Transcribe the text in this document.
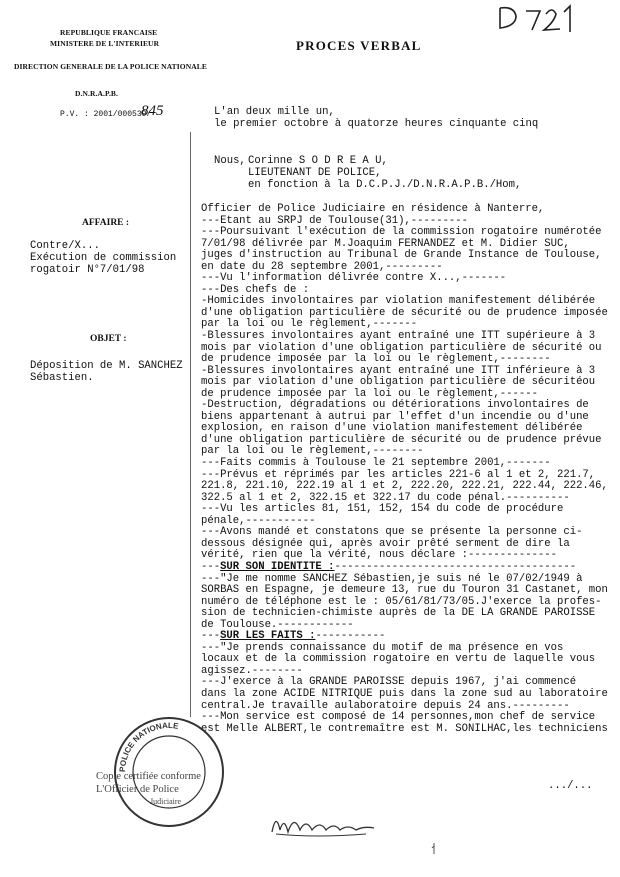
REPUBLIQUE FRANCAISE
MINISTERE DE L'INTERIEUR
DIRECTION GENERALE DE LA POLICE NATIONALE
D.N.R.A.P.B.
P.V. : 2001/000539/
845
PROCES VERBAL
L'an deux mille un,
le premier octobre à quatorze heures cinquante cinq
Nous, Corinne S O D R E A U,
LIEUTENANT DE POLICE,
en fonction à la D.C.P.J./D.N.R.A.P.B./Hom,
AFFAIRE :
Contre/X...
Exécution de commission
rogatoir N°7/01/98
OBJET :
Déposition de M. SANCHEZ
Sébastien.
Officier de Police Judiciaire en résidence à Nanterre,
---Etant au SRPJ de Toulouse(31),---------
---Poursuivant l'exécution de la commission rogatoire numérotée
7/01/98 délivrée par M.Joaquim FERNANDEZ et M. Didier SUC,
juges d'instruction au Tribunal de Grande Instance de Toulouse,
en date du 28 septembre 2001,---------
---Vu l'information délivrée contre X...,-------
---Des chefs de :
-Homicides involontaires par violation manifestement délibérée
d'une obligation particulière de sécurité ou de prudence imposée
par la loi ou le règlement,-------
-Blessures involontaires ayant entraîné une ITT supérieure à 3
mois par violation d'une obligation particulière de sécurité ou
de prudence imposée par la loi ou le règlement,--------
-Blessures involontaires ayant entraîné une ITT inférieure à 3
mois par violation d'une obligation particulière de sécuritéou
de prudence imposée par la loi ou le règlement,------
-Destruction, dégradations ou détériorations involontaires de
biens appartenant à autrui par l'effet d'un incendie ou d'une
explosion, en raison d'une violation manifestement délibérée
d'une obligation particulière de sécurité ou de prudence prévue
par la loi ou le règlement,--------
---Faits commis à Toulouse le 21 septembre 2001,-------
---Prévus et réprimés par les articles 221-6 al 1 et 2, 221.7,
221.8, 221.10, 222.19 al 1 et 2, 222.20, 222.21, 222.44, 222.46,
322.5 al 1 et 2, 322.15 et 322.17 du code pénal.----------
---Vu les articles 81, 151, 152, 154 du code de procédure
pénale,-----------
---Avons mandé et constatons que se présente la personne ci-
dessous désignée qui, après avoir prêté serment de dire la
vérité, rien que la vérité, nous déclare :--------------
---SUR SON IDENTITE :--------------------------------------
---"Je me nomme SANCHEZ Sébastien,je suis né le 07/02/1949 à
SORBAS en Espagne, je demeure 13, rue du Touron 31 Castanet, mon
numéro de téléphone est le : 05/61/81/73/05.J'exerce la profes-
sion de technicien-chimiste auprès de la DE LA GRANDE PAROISSE
de Toulouse.------------
---SUR LES FAITS :-----------
---"Je prends connaissance du motif de ma présence en vos
locaux et de la commission rogatoire en vertu de laquelle vous
agissez.--------
---J'exerce à la GRANDE PAROISSE depuis 1967, j'ai commencé
dans la zone ACIDE NITRIQUE puis dans la zone sud au laboratoire
central.Je travaille aulaboratoire depuis 24 ans.---------
---Mon service est composé de 14 personnes,mon chef de service
est Melle ALBERT,le contremaître est M. SONILHAC,les techniciens
.../...
POLICE NATIONALE
Copie certifiée conforme
L'Officier de Police
Judiciaire
